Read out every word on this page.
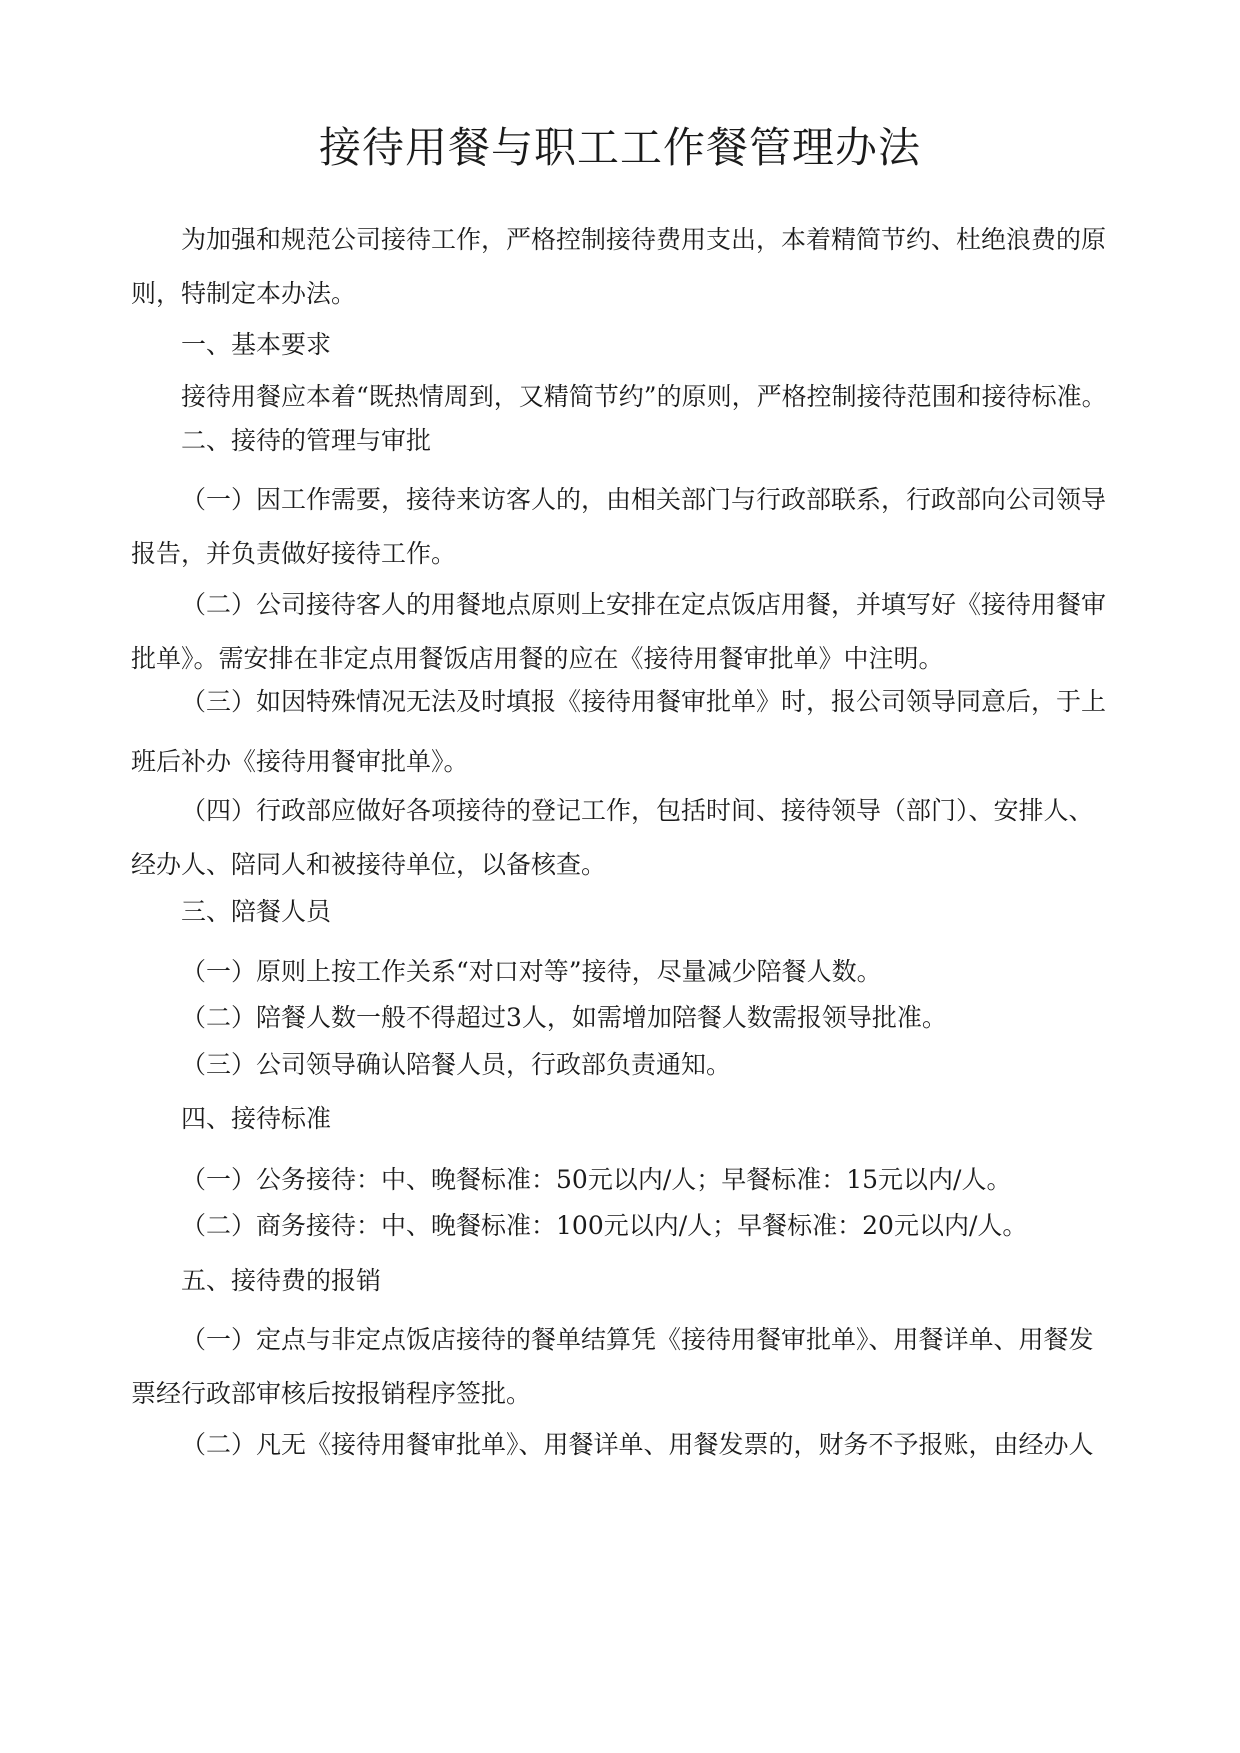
接待用餐与职工工作餐管理办法
为加强和规范公司接待工作，严格控制接待费用支出，本着精简节约、杜绝浪费的原
则，特制定本办法。
一、基本要求
接待用餐应本着“既热情周到，又精简节约”的原则，严格控制接待范围和接待标准。
二、接待的管理与审批
（一）因工作需要，接待来访客人的，由相关部门与行政部联系，行政部向公司领导
报告，并负责做好接待工作。
（二）公司接待客人的用餐地点原则上安排在定点饭店用餐，并填写好《接待用餐审
批单》。需安排在非定点用餐饭店用餐的应在《接待用餐审批单》中注明。
（三）如因特殊情况无法及时填报《接待用餐审批单》时，报公司领导同意后，于上
班后补办《接待用餐审批单》。
（四）行政部应做好各项接待的登记工作，包括时间、接待领导（部门）、安排人、
经办人、陪同人和被接待单位，以备核查。
三、陪餐人员
（一）原则上按工作关系“对口对等”接待，尽量减少陪餐人数。
（二）陪餐人数一般不得超过3人，如需增加陪餐人数需报领导批准。
（三）公司领导确认陪餐人员，行政部负责通知。
四、接待标准
（一）公务接待：中、晚餐标准：50元以内/人；早餐标准：15元以内/人。
（二）商务接待：中、晚餐标准：100元以内/人；早餐标准：20元以内/人。
五、接待费的报销
（一）定点与非定点饭店接待的餐单结算凭《接待用餐审批单》、用餐详单、用餐发
票经行政部审核后按报销程序签批。
（二）凡无《接待用餐审批单》、用餐详单、用餐发票的，财务不予报账，由经办人
